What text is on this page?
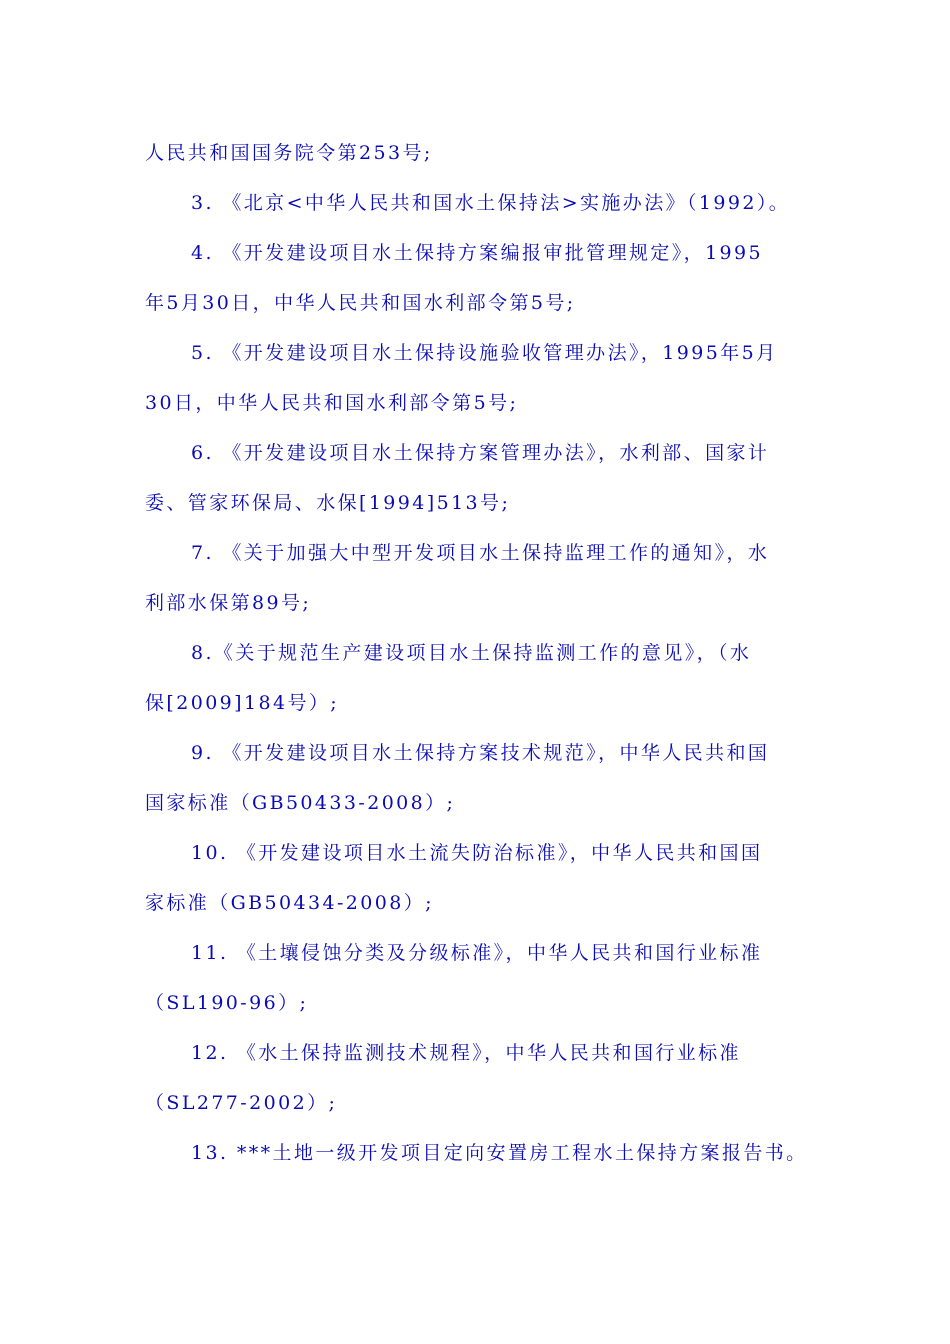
人民共和国国务院令第253号;
3. 《北京<中华人民共和国水土保持法>实施办法》（1992）。
4. 《开发建设项目水土保持方案编报审批管理规定》，1995
年5月30日，中华人民共和国水利部令第5号;
5. 《开发建设项目水土保持设施验收管理办法》，1995年5月
30日，中华人民共和国水利部令第5号;
6. 《开发建设项目水土保持方案管理办法》，水利部、国家计
委、管家环保局、水保[1994]513号;
7. 《关于加强大中型开发项目水土保持监理工作的通知》，水
利部水保第89号;
8.《关于规范生产建设项目水土保持监测工作的意见》，（水
保[2009]184号）;
9. 《开发建设项目水土保持方案技术规范》，中华人民共和国
国家标准（GB50433-2008）;
10. 《开发建设项目水土流失防治标准》，中华人民共和国国
家标准（GB50434-2008）;
11. 《土壤侵蚀分类及分级标准》，中华人民共和国行业标准
（SL190-96）;
12. 《水土保持监测技术规程》，中华人民共和国行业标准
（SL277-2002）;
13. ***土地一级开发项目定向安置房工程水土保持方案报告书。
